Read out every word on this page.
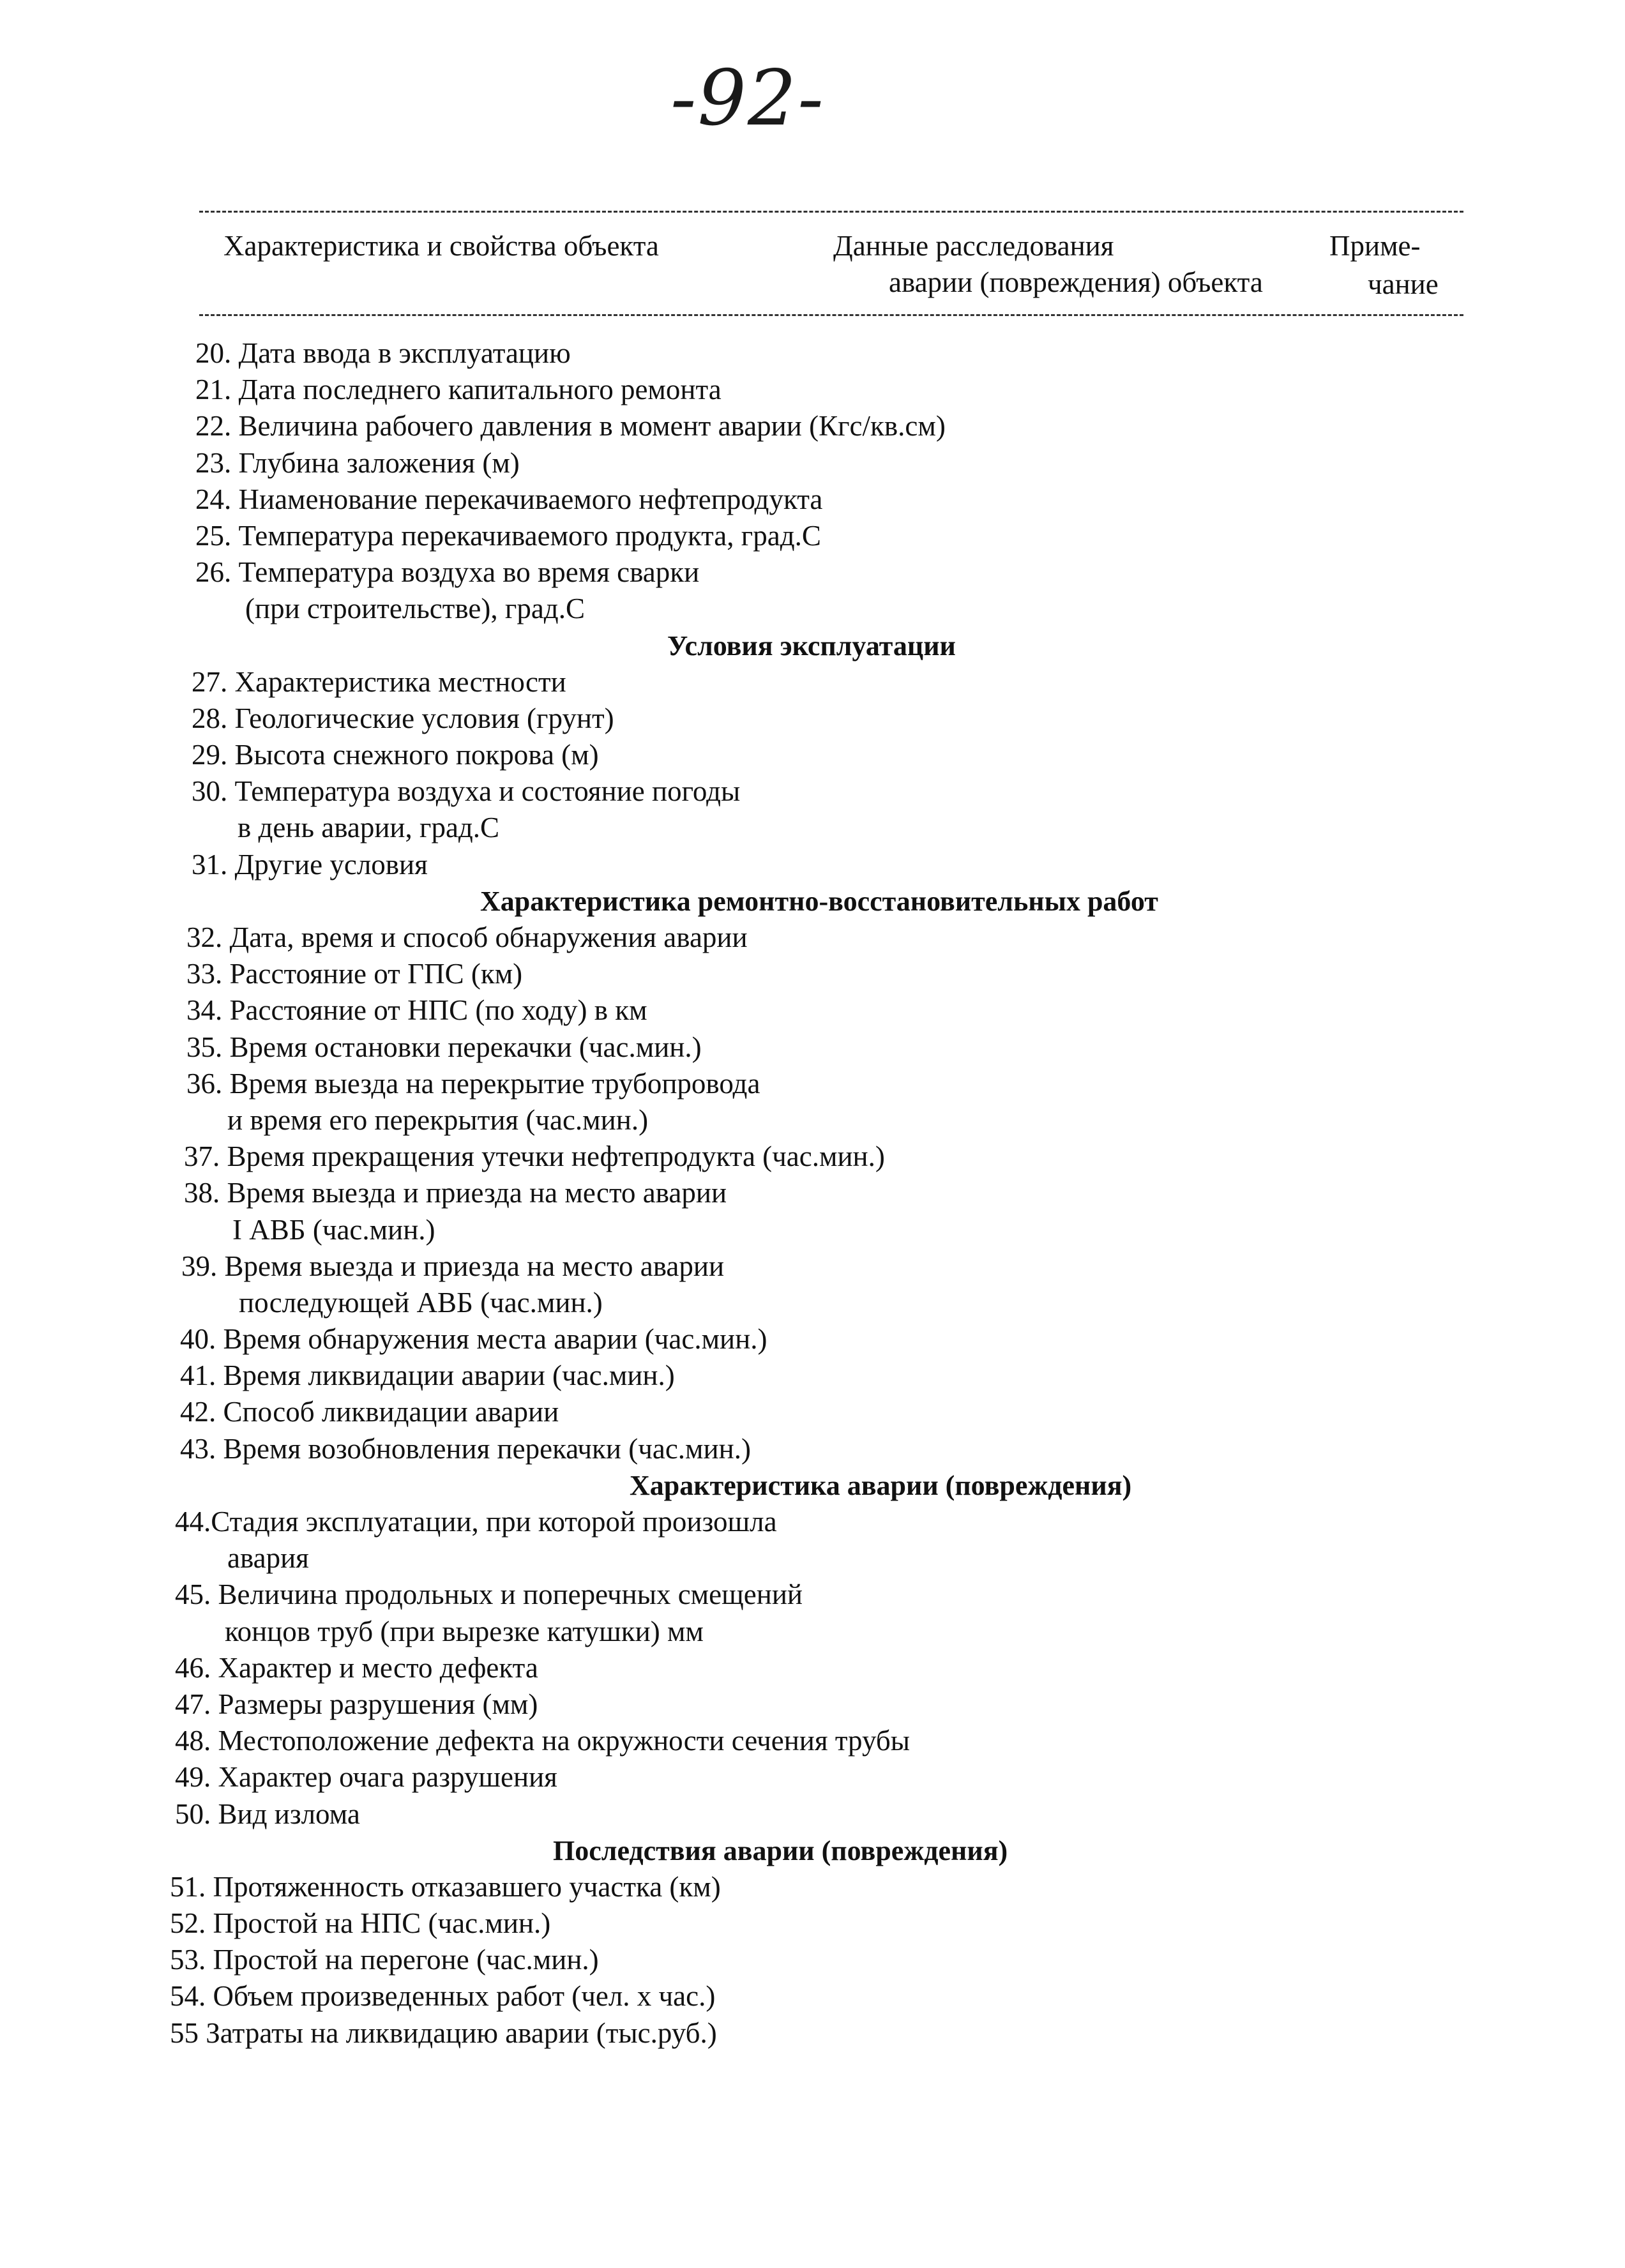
-92-
Характеристика и свойства объекта	Данные расследования
аварии (повреждения) объекта
Приме-
чание
20. Дата ввода в эксплуатацию
21. Дата последнего капитального ремонта
22. Величина рабочего давления в момент аварии (Кгс/кв.см)
23. Глубина заложения (м)
24. Ниаменование перекачиваемого нефтепродукта
25. Температура перекачиваемого продукта, град.С
26. Температура воздуха во время сварки
(при строительстве), град.С
Условия эксплуатации
27. Характеристика местности
28. Геологические условия (грунт)
29. Высота снежного покрова (м)
30. Температура воздуха и состояние погоды
в день аварии, град.С
31. Другие условия
Характеристика ремонтно-восстановительных работ
32. Дата, время и способ обнаружения аварии
33. Расстояние от ГПС (км)
34. Расстояние от НПС (по ходу) в км
35. Время остановки перекачки (час.мин.)
36. Время выезда на перекрытие трубопровода
и время его перекрытия (час.мин.)
37. Время прекращения утечки нефтепродукта (час.мин.)
38. Время выезда и приезда на место аварии
I АВБ (час.мин.)
39. Время выезда и приезда на место аварии
последующей АВБ (час.мин.)
40. Время обнаружения места аварии (час.мин.)
41. Время ликвидации аварии (час.мин.)
42. Способ ликвидации аварии
43. Время возобновления перекачки (час.мин.)
Характеристика аварии (повреждения)
44.Стадия эксплуатации, при которой произошла
авария
45. Величина продольных и поперечных смещений
концов труб (при вырезке катушки) мм
46. Характер и место дефекта
47. Размеры разрушения (мм)
48. Местоположение дефекта на окружности сечения трубы
49. Характер очага разрушения
50. Вид излома
Последствия аварии (повреждения)
51. Протяженность отказавшего участка (км)
52. Простой на НПС (час.мин.)
53. Простой на перегоне (час.мин.)
54. Объем произведенных работ (чел. х час.)
55 Затраты на ликвидацию аварии (тыс.руб.)
